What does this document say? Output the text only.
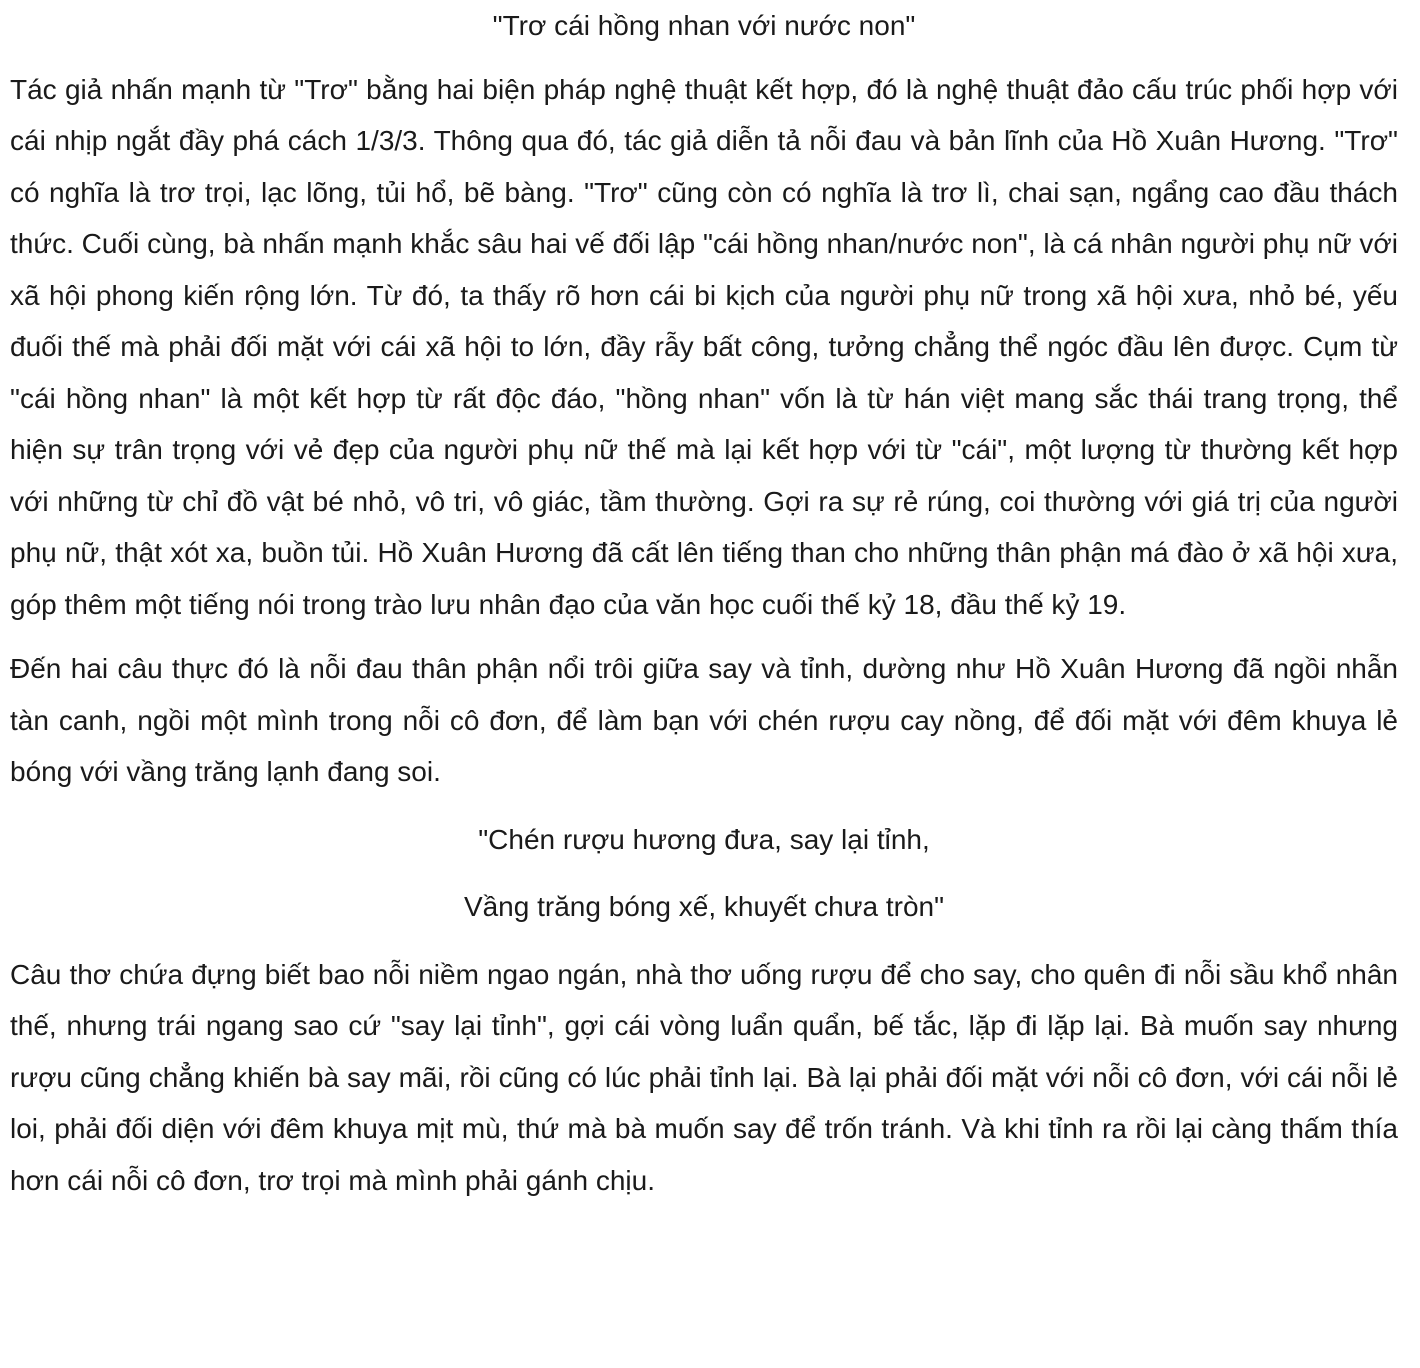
"Trơ cái hồng nhan với nước non"

Tác giả nhấn mạnh từ "Trơ" bằng hai biện pháp nghệ thuật kết hợp, đó là nghệ thuật đảo cấu trúc phối hợp với cái nhịp ngắt đầy phá cách 1/3/3. Thông qua đó, tác giả diễn tả nỗi đau và bản lĩnh của Hồ Xuân Hương. "Trơ" có nghĩa là trơ trọi, lạc lõng, tủi hổ, bẽ bàng. "Trơ" cũng còn có nghĩa là trơ lì, chai sạn, ngẩng cao đầu thách thức. Cuối cùng, bà nhấn mạnh khắc sâu hai vế đối lập "cái hồng nhan/nước non", là cá nhân người phụ nữ với xã hội phong kiến rộng lớn. Từ đó, ta thấy rõ hơn cái bi kịch của người phụ nữ trong xã hội xưa, nhỏ bé, yếu đuối thế mà phải đối mặt với cái xã hội to lớn, đầy rẫy bất công, tưởng chẳng thể ngóc đầu lên được. Cụm từ "cái hồng nhan" là một kết hợp từ rất độc đáo, "hồng nhan" vốn là từ hán việt mang sắc thái trang trọng, thể hiện sự trân trọng với vẻ đẹp của người phụ nữ thế mà lại kết hợp với từ "cái", một lượng từ thường kết hợp với những từ chỉ đồ vật bé nhỏ, vô tri, vô giác, tầm thường. Gợi ra sự rẻ rúng, coi thường với giá trị của người phụ nữ, thật xót xa, buồn tủi. Hồ Xuân Hương đã cất lên tiếng than cho những thân phận má đào ở xã hội xưa, góp thêm một tiếng nói trong trào lưu nhân đạo của văn học cuối thế kỷ 18, đầu thế kỷ 19.

Đến hai câu thực đó là nỗi đau thân phận nổi trôi giữa say và tỉnh, dường như Hồ Xuân Hương đã ngồi nhẫn tàn canh, ngồi một mình trong nỗi cô đơn, để làm bạn với chén rượu cay nồng, để đối mặt với đêm khuya lẻ bóng với vầng trăng lạnh đang soi.

"Chén rượu hương đưa, say lại tỉnh,

Vầng trăng bóng xế, khuyết chưa tròn"

Câu thơ chứa đựng biết bao nỗi niềm ngao ngán, nhà thơ uống rượu để cho say, cho quên đi nỗi sầu khổ nhân thế, nhưng trái ngang sao cứ "say lại tỉnh", gợi cái vòng luẩn quẩn, bế tắc, lặp đi lặp lại. Bà muốn say nhưng rượu cũng chẳng khiến bà say mãi, rồi cũng có lúc phải tỉnh lại. Bà lại phải đối mặt với nỗi cô đơn, với cái nỗi lẻ loi, phải đối diện với đêm khuya mịt mù, thứ mà bà muốn say để trốn tránh. Và khi tỉnh ra rồi lại càng thấm thía hơn cái nỗi cô đơn, trơ trọi mà mình phải gánh chịu.
